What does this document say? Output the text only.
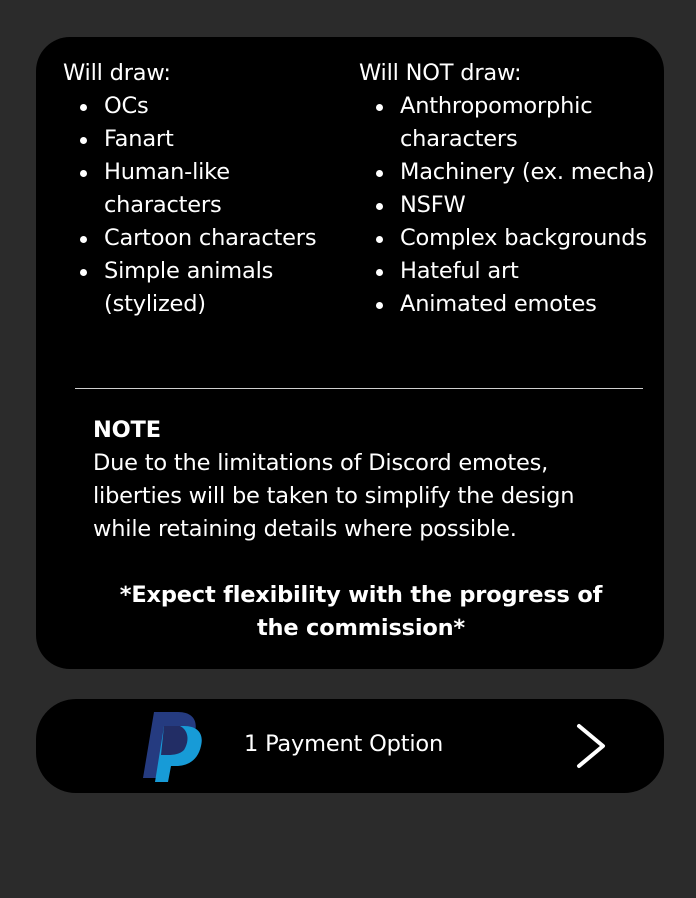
Will draw:

OCs
Fanart
Human-like characters
Cartoon characters
Simple animals (stylized)

Will NOT draw:

Anthropomorphic characters
Machinery (ex. mecha)
NSFW
Complex backgrounds
Hateful art
Animated emotes

NOTE

Due to the limitations of Discord emotes, liberties will be taken to simplify the design while retaining details where possible.

*Expect flexibility with the progress of the commission*
1 Payment Option
